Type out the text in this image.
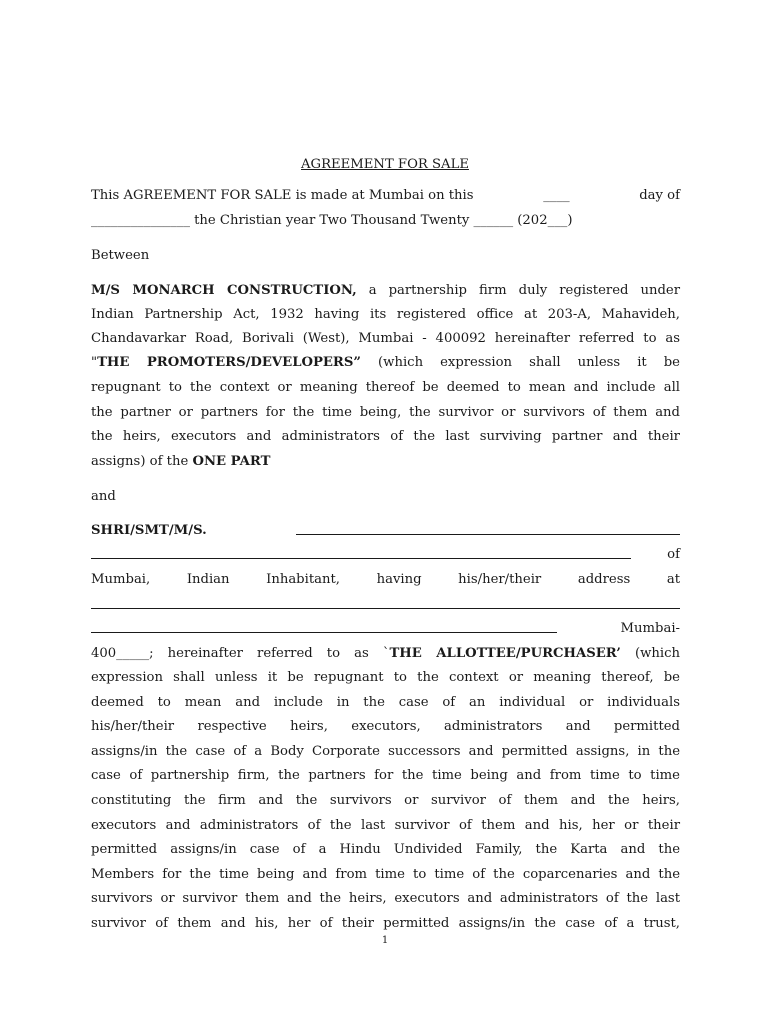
AGREEMENT FOR SALE
This AGREEMENT FOR SALE is made at Mumbai on this	____	day of
_______________ the Christian year Two Thousand Twenty ______ (202___)
Between
M/S MONARCH CONSTRUCTION, a partnership firm duly registered under
Indian Partnership Act, 1932 having its registered office at 203-A, Mahavideh,
Chandavarkar Road, Borivali (West), Mumbai - 400092 hereinafter referred to as
"THE PROMOTERS/DEVELOPERS” (which expression shall unless it be
repugnant to the context or meaning thereof be deemed to mean and include all
the partner or partners for the time being, the survivor or survivors of them and
the heirs, executors and administrators of the last surviving partner and their
assigns) of the ONE PART
and
SHRI/SMT/M/S.
of
Mumbai,	Indian	Inhabitant,	having	his/her/their	address	at
Mumbai-
400_____; hereinafter referred to as `THE ALLOTTEE/PURCHASER’ (which
expression shall unless it be repugnant to the context or meaning thereof, be
deemed to mean and include in the case of an individual or individuals
his/her/their respective heirs, executors, administrators and permitted
assigns/in the case of a Body Corporate successors and permitted assigns, in the
case of partnership firm, the partners for the time being and from time to time
constituting the firm and the survivors or survivor of them and the heirs,
executors and administrators of the last survivor of them and his, her or their
permitted assigns/in case of a Hindu Undivided Family, the Karta and the
Members for the time being and from time to time of the coparcenaries and the
survivors or survivor them and the heirs, executors and administrators of the last
survivor of them and his, her of their permitted assigns/in the case of a trust,
1
